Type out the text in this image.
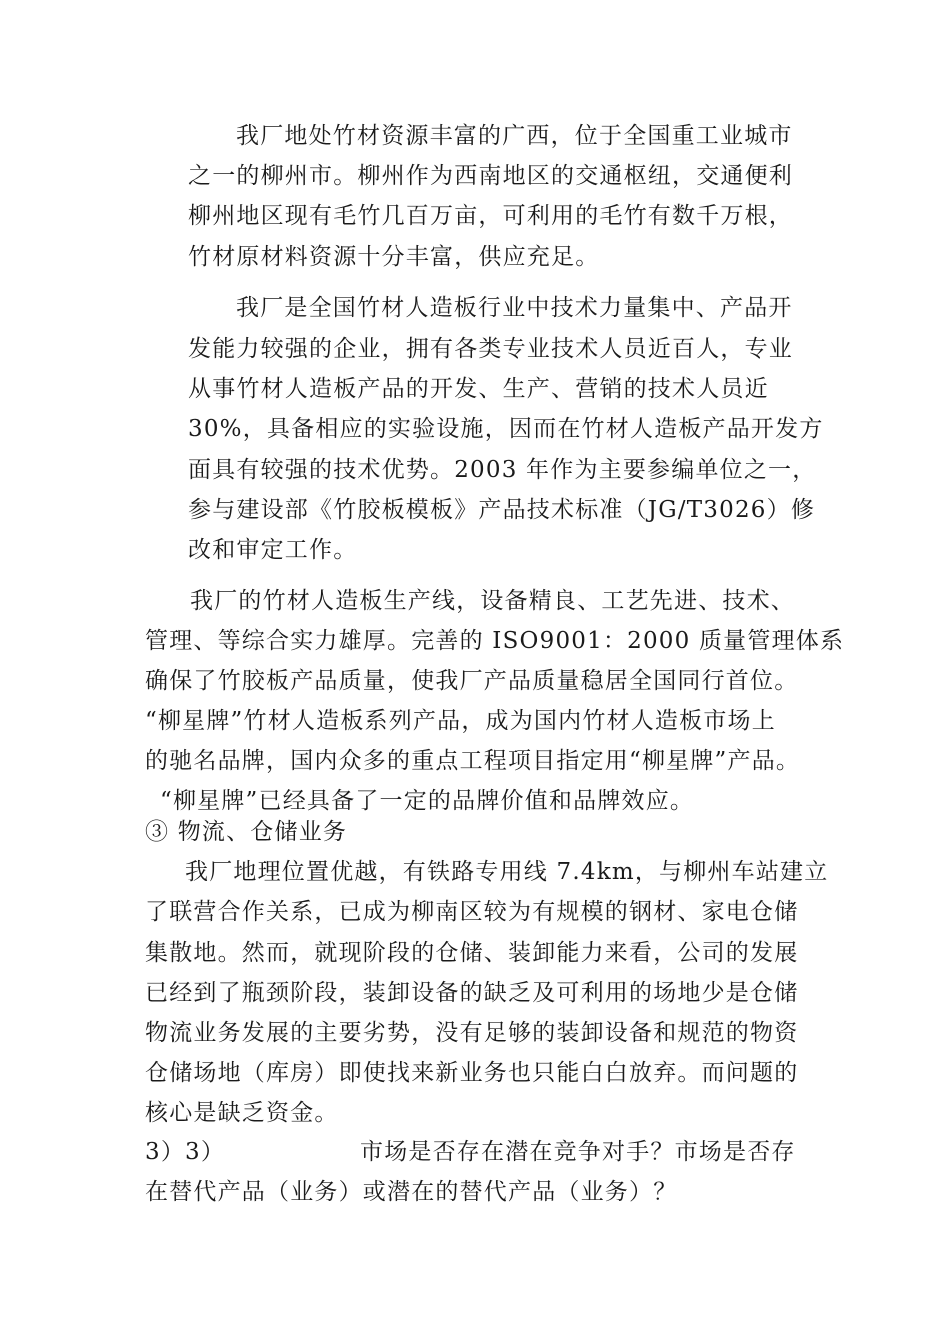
我厂地处竹材资源丰富的广西，位于全国重工业城市
之一的柳州市。柳州作为西南地区的交通枢纽，交通便利
柳州地区现有毛竹几百万亩，可利用的毛竹有数千万根，
竹材原材料资源十分丰富，供应充足。
我厂是全国竹材人造板行业中技术力量集中、产品开
发能力较强的企业，拥有各类专业技术人员近百人，专业
从事竹材人造板产品的开发、生产、营销的技术人员近
30%，具备相应的实验设施，因而在竹材人造板产品开发方
面具有较强的技术优势。2003 年作为主要参编单位之一，
参与建设部《竹胶板模板》产品技术标准（JG/T3026）修
改和审定工作。
我厂的竹材人造板生产线，设备精良、工艺先进、技术、
管理、等综合实力雄厚。完善的 ISO9001：2000 质量管理体系
确保了竹胶板产品质量，使我厂产品质量稳居全国同行首位。
“柳星牌”竹材人造板系列产品，成为国内竹材人造板市场上
的驰名品牌，国内众多的重点工程项目指定用“柳星牌”产品。
“柳星牌”已经具备了一定的品牌价值和品牌效应。
③ 物流、仓储业务
我厂地理位置优越，有铁路专用线 7.4km，与柳州车站建立
了联营合作关系，已成为柳南区较为有规模的钢材、家电仓储
集散地。然而，就现阶段的仓储、装卸能力来看，公司的发展
已经到了瓶颈阶段，装卸设备的缺乏及可利用的场地少是仓储
物流业务发展的主要劣势，没有足够的装卸设备和规范的物资
仓储场地（库房）即使找来新业务也只能白白放弃。而问题的
核心是缺乏资金。
3）3）	市场是否存在潜在竞争对手？市场是否存
在替代产品（业务）或潜在的替代产品（业务）？
